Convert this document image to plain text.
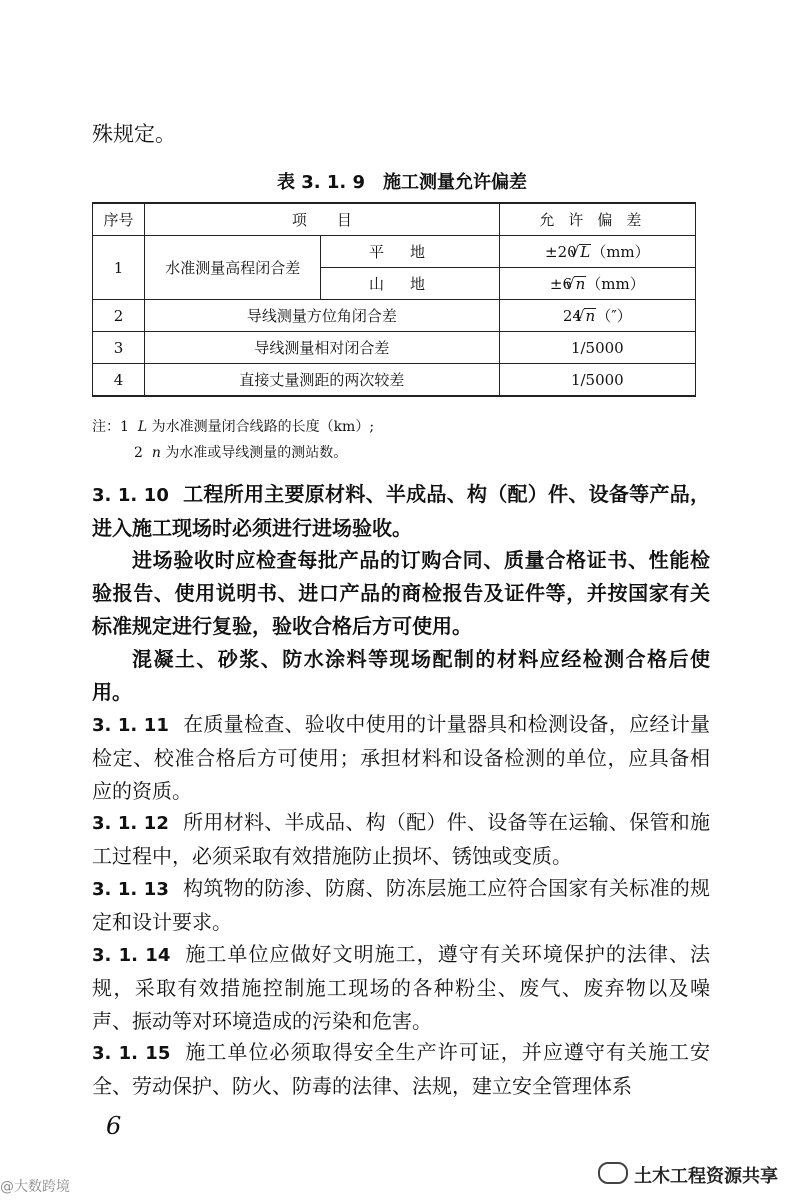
殊规定。
表 3. 1. 9 施工测量允许偏差
序号	项　　目		允许偏差
1	水准测量高程闭合差	平地	±20 √ L（mm）
		山地	±6 √ n（mm）
2	导线测量方位角闭合差		24 √ n（″）
3	导线测量相对闭合差		1/5000
4	直接丈量测距的两次较差		1/5000
注：1 L 为水准测量闭合线路的长度（km）;
2 n 为水准或导线测量的测站数。
3. 1. 10 工程所用主要原材料、半成品、构（配）件、设备等产品，进入施工现场时必须进行进场验收。
进场验收时应检查每批产品的订购合同、质量合格证书、性能检验报告、使用说明书、进口产品的商检报告及证件等，并按国家有关标准规定进行复验，验收合格后方可使用。
混凝土、砂浆、防水涂料等现场配制的材料应经检测合格后使用。
3. 1. 11 在质量检查、验收中使用的计量器具和检测设备，应经计量检定、校准合格后方可使用；承担材料和设备检测的单位，应具备相应的资质。
3. 1. 12 所用材料、半成品、构（配）件、设备等在运输、保管和施工过程中，必须采取有效措施防止损坏、锈蚀或变质。
3. 1. 13 构筑物的防渗、防腐、防冻层施工应符合国家有关标准的规定和设计要求。
3. 1. 14 施工单位应做好文明施工，遵守有关环境保护的法律、法规，采取有效措施控制施工现场的各种粉尘、废气、废弃物以及噪声、振动等对环境造成的污染和危害。
3. 1. 15 施工单位必须取得安全生产许可证，并应遵守有关施工安全、劳动保护、防火、防毒的法律、法规，建立安全管理体系
6
@大数跨境	土木工程资源共享
